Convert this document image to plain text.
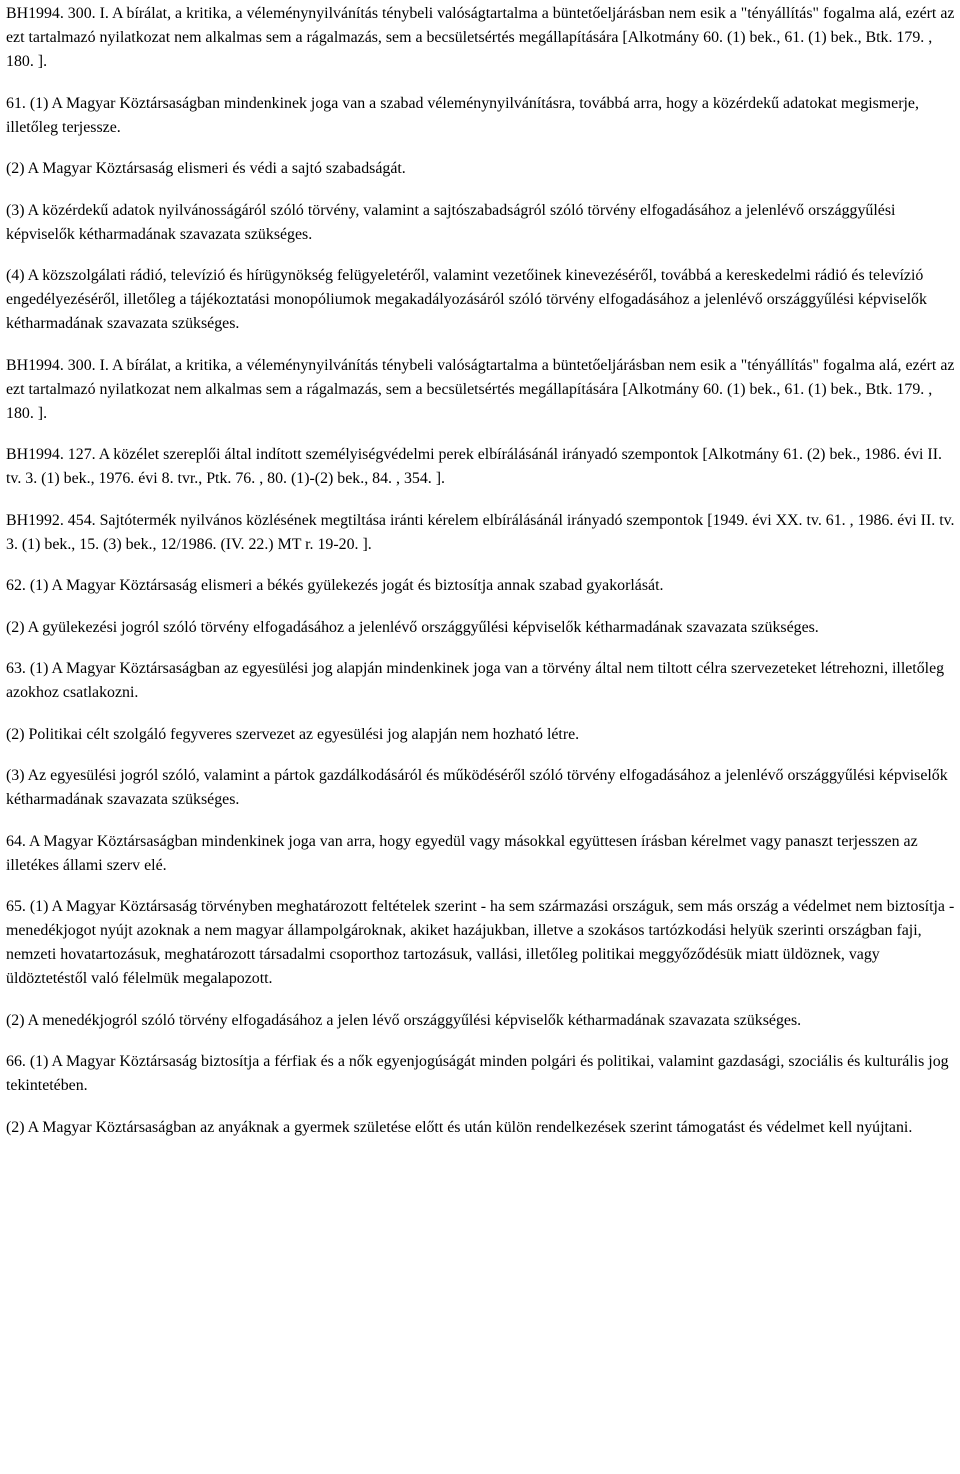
BH1994. 300. I. A bírálat, a kritika, a véleménynyilvánítás ténybeli valóságtartalma a büntetőeljárásban nem esik a "tényállítás" fogalma alá, ezért az ezt tartalmazó nyilatkozat nem alkalmas sem a rágalmazás, sem a becsületsértés megállapítására [Alkotmány 60. (1) bek., 61. (1) bek., Btk. 179. , 180. ].

61. (1) A Magyar Köztársaságban mindenkinek joga van a szabad véleménynyilvánításra, továbbá arra, hogy a közérdekű adatokat megismerje, illetőleg terjessze.

(2) A Magyar Köztársaság elismeri és védi a sajtó szabadságát.

(3) A közérdekű adatok nyilvánosságáról szóló törvény, valamint a sajtószabadságról szóló törvény elfogadásához a jelenlévő országgyűlési képviselők kétharmadának szavazata szükséges.

(4) A közszolgálati rádió, televízió és hírügynökség felügyeletéről, valamint vezetőinek kinevezéséről, továbbá a kereskedelmi rádió és televízió engedélyezéséről, illetőleg a tájékoztatási monopóliumok megakadályozásáról szóló törvény elfogadásához a jelenlévő országgyűlési képviselők kétharmadának szavazata szükséges.

BH1994. 300. I. A bírálat, a kritika, a véleménynyilvánítás ténybeli valóságtartalma a büntetőeljárásban nem esik a "tényállítás" fogalma alá, ezért az ezt tartalmazó nyilatkozat nem alkalmas sem a rágalmazás, sem a becsületsértés megállapítására [Alkotmány 60. (1) bek., 61. (1) bek., Btk. 179. , 180. ].

BH1994. 127. A közélet szereplői által indított személyiségvédelmi perek elbírálásánál irányadó szempontok [Alkotmány 61. (2) bek., 1986. évi II. tv. 3. (1) bek., 1976. évi 8. tvr., Ptk. 76. , 80. (1)-(2) bek., 84. , 354. ].

BH1992. 454. Sajtótermék nyilvános közlésének megtiltása iránti kérelem elbírálásánál irányadó szempontok [1949. évi XX. tv. 61. , 1986. évi II. tv. 3. (1) bek., 15. (3) bek., 12/1986. (IV. 22.) MT r. 19-20. ].

62. (1) A Magyar Köztársaság elismeri a békés gyülekezés jogát és biztosítja annak szabad gyakorlását.

(2) A gyülekezési jogról szóló törvény elfogadásához a jelenlévő országgyűlési képviselők kétharmadának szavazata szükséges.

63. (1) A Magyar Köztársaságban az egyesülési jog alapján mindenkinek joga van a törvény által nem tiltott célra szervezeteket létrehozni, illetőleg azokhoz csatlakozni.

(2) Politikai célt szolgáló fegyveres szervezet az egyesülési jog alapján nem hozható létre.

(3) Az egyesülési jogról szóló, valamint a pártok gazdálkodásáról és működéséről szóló törvény elfogadásához a jelenlévő országgyűlési képviselők kétharmadának szavazata szükséges.

64. A Magyar Köztársaságban mindenkinek joga van arra, hogy egyedül vagy másokkal együttesen írásban kérelmet vagy panaszt terjesszen az illetékes állami szerv elé.

65. (1) A Magyar Köztársaság törvényben meghatározott feltételek szerint - ha sem származási országuk, sem más ország a védelmet nem biztosítja - menedékjogot nyújt azoknak a nem magyar állampolgároknak, akiket hazájukban, illetve a szokásos tartózkodási helyük szerinti országban faji, nemzeti hovatartozásuk, meghatározott társadalmi csoporthoz tartozásuk, vallási, illetőleg politikai meggyőződésük miatt üldöznek, vagy üldöztetéstől való félelmük megalapozott.

(2) A menedékjogról szóló törvény elfogadásához a jelen lévő országgyűlési képviselők kétharmadának szavazata szükséges.

66. (1) A Magyar Köztársaság biztosítja a férfiak és a nők egyenjogúságát minden polgári és politikai, valamint gazdasági, szociális és kulturális jog tekintetében.

(2) A Magyar Köztársaságban az anyáknak a gyermek születése előtt és után külön rendelkezések szerint támogatást és védelmet kell nyújtani.
